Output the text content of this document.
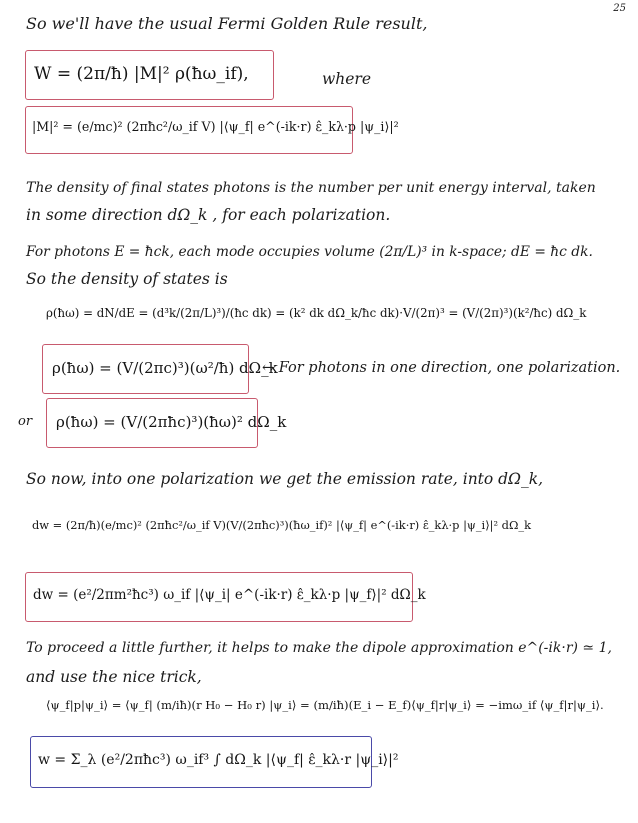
25
So we'll have the usual Fermi Golden Rule result,
W = (2π/ħ) |M|² ρ(ħω_if),	where
|M|² = (e/mc)² (2πħc²/ω_if V) |⟨ψ_f| e^(-ik·r) ε̂_kλ·p |ψ_i⟩|²
The density of final states photons is the number per unit energy interval, taken
in some direction dΩ_k , for each polarization.
For photons E = ħck, each mode occupies volume (2π/L)³ in k-space; dE = ħc dk.
So the density of states is
ρ(ħω) = dN/dE = (d³k/(2π/L)³)/(ħc dk) = (k² dk dΩ_k/ħc dk)·V/(2π)³ = (V/(2π)³)(k²/ħc) dΩ_k
ρ(ħω) = (V/(2πc)³)(ω²/ħ) dΩ_k
← For photons in one direction, one polarization.
or ρ(ħω) = (V/(2πħc)³)(ħω)² dΩ_k
So now, into one polarization we get the emission rate, into dΩ_k,
dw = (2π/ħ)(e/mc)² (2πħc²/ω_if V)(V/(2πħc)³)(ħω_if)² |⟨ψ_f| e^(-ik·r) ε̂_kλ·p |ψ_i⟩|² dΩ_k
dw = (e²/2πm²ħc³) ω_if |⟨ψ_i| e^(-ik·r) ε̂_kλ·p |ψ_f⟩|² dΩ_k
To proceed a little further, it helps to make the dipole approximation e^(-ik·r) ≃ 1,
and use the nice trick,
⟨ψ_f|p|ψ_i⟩ = ⟨ψ_f| (m/iħ)(r H₀ − H₀ r) |ψ_i⟩ = (m/iħ)(E_i − E_f)⟨ψ_f|r|ψ_i⟩ = −imω_if ⟨ψ_f|r|ψ_i⟩.
w = Σ_λ (e²/2πħc³) ω_if³ ∫ dΩ_k |⟨ψ_f| ε̂_kλ·r |ψ_i⟩|²
